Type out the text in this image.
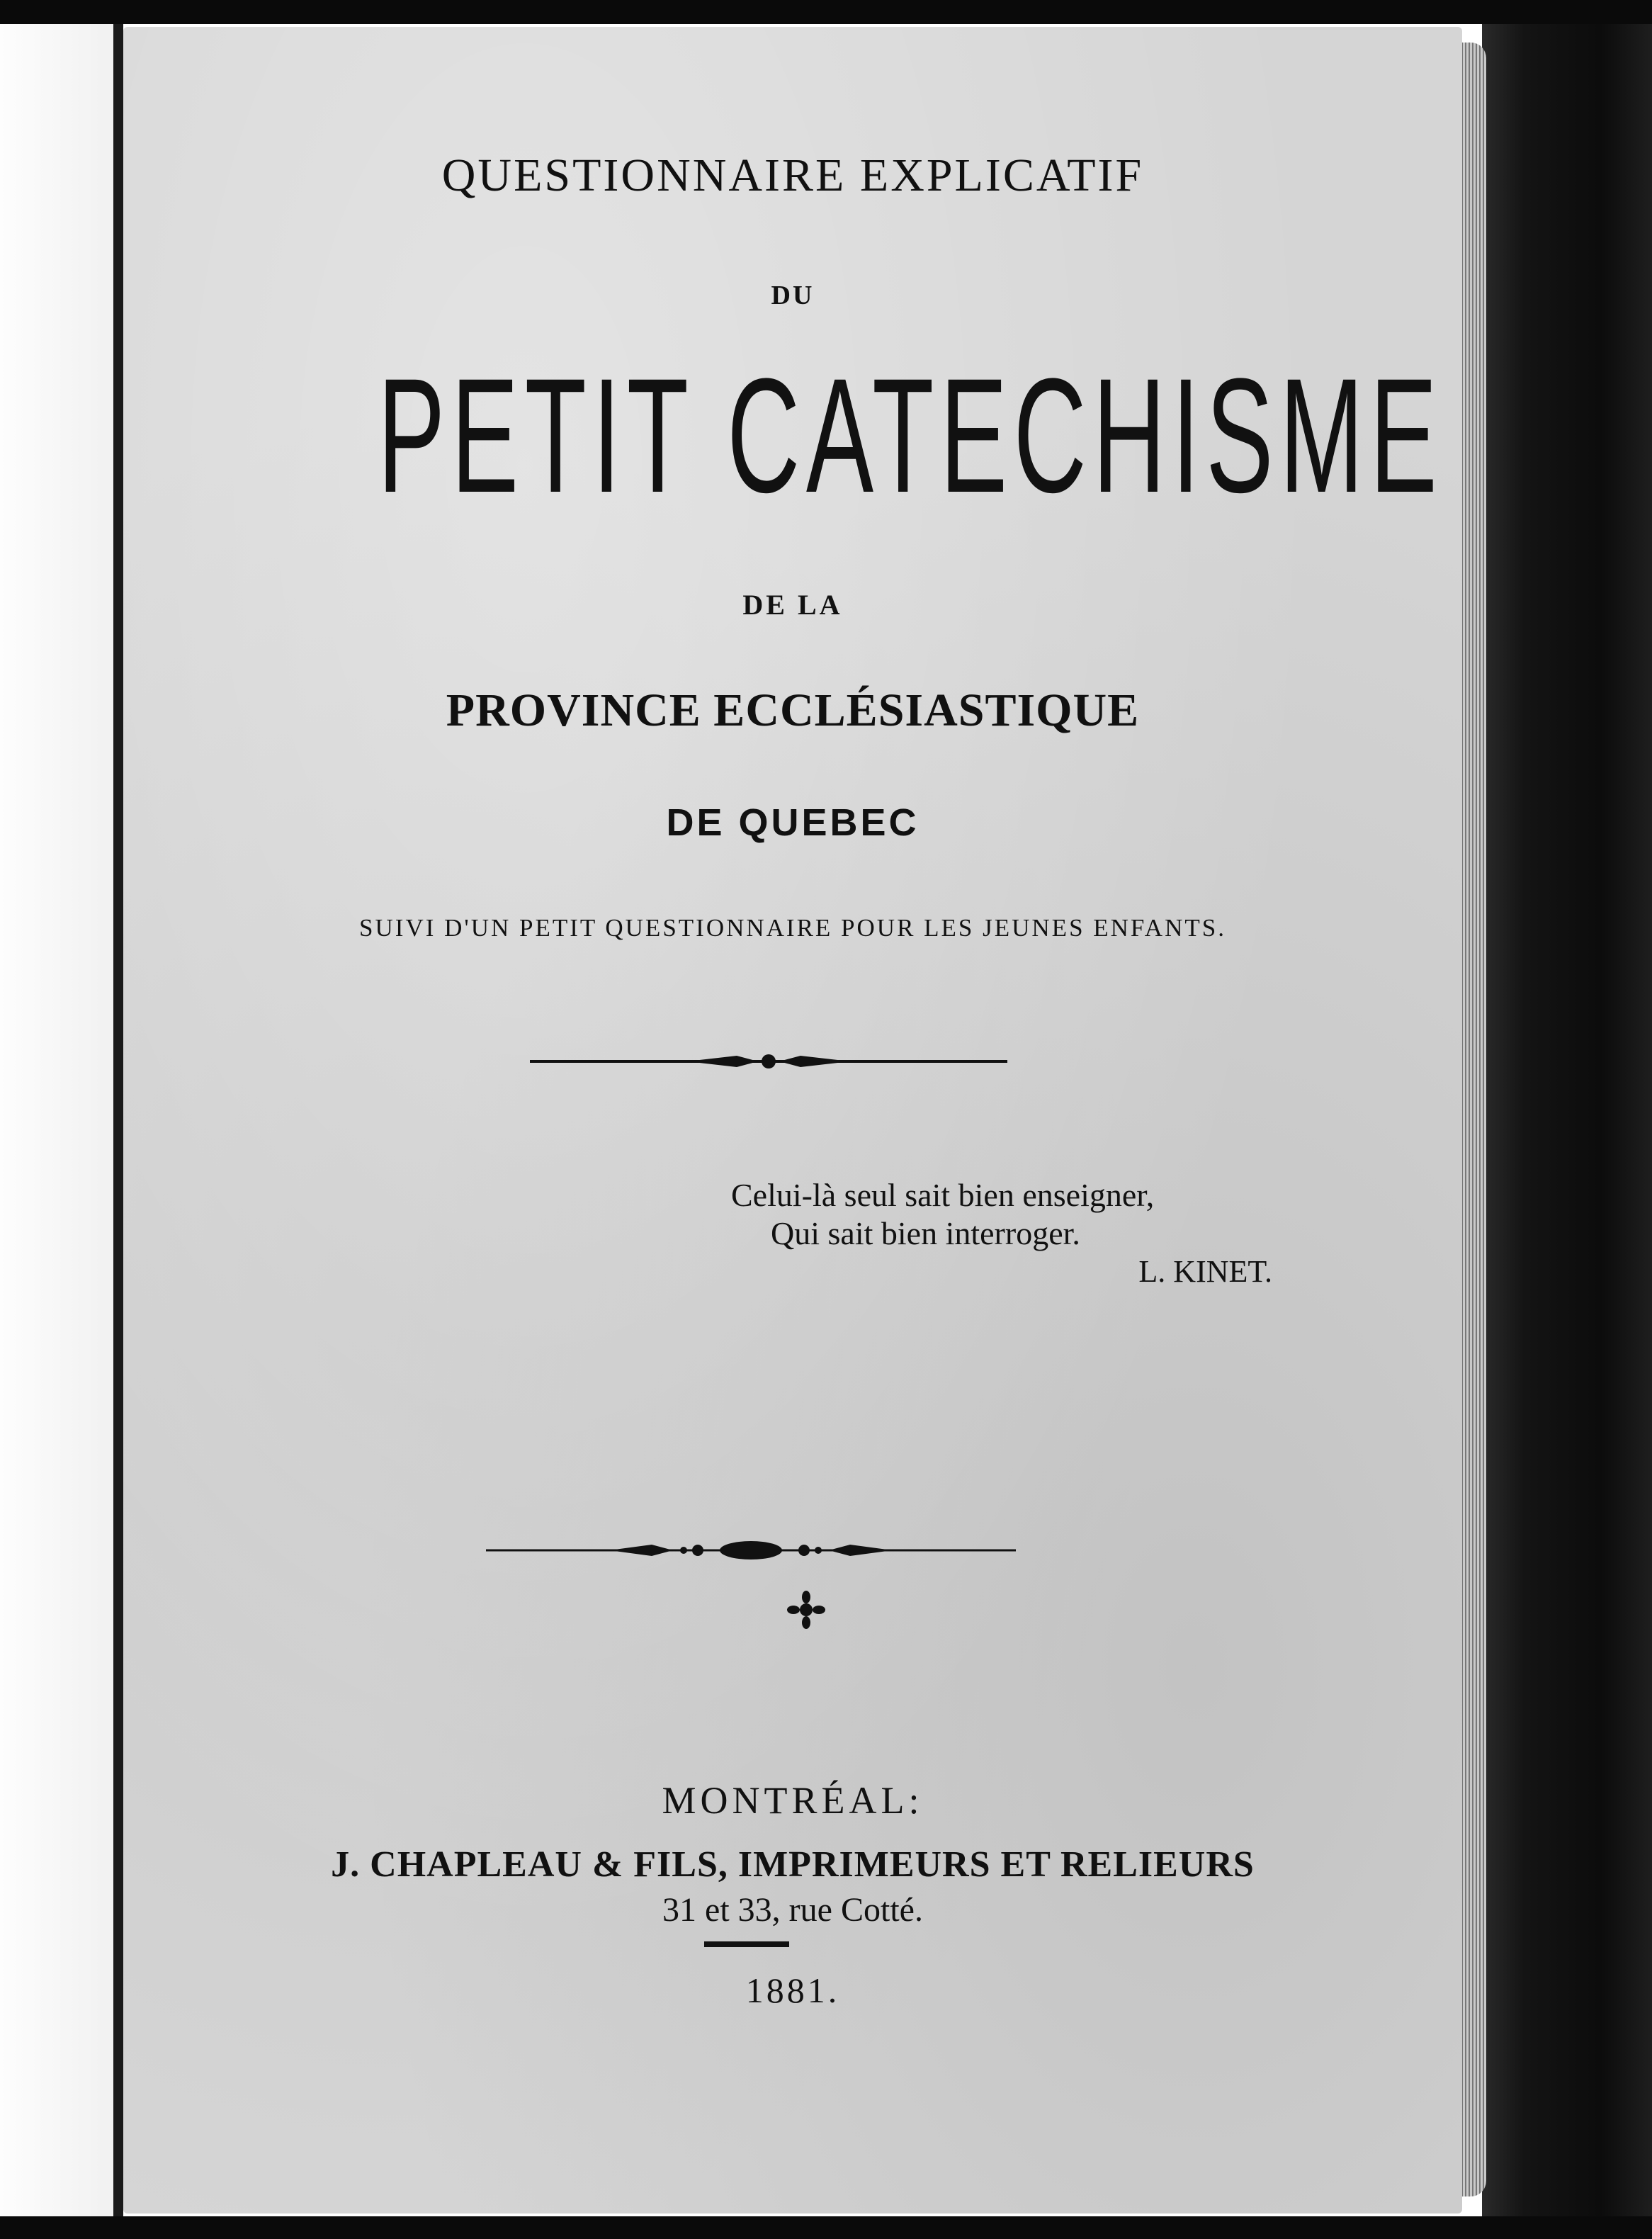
QUESTIONNAIRE EXPLICATIF
DU
PETIT CATECHISME
DE LA
PROVINCE ECCLÉSIASTIQUE
DE QUEBEC
SUIVI D'UN PETIT QUESTIONNAIRE POUR LES JEUNES ENFANTS.
Celui-là seul sait bien enseigner,
Qui sait bien interroger.
L. KINET.
MONTRÉAL:
J. CHAPLEAU & FILS, IMPRIMEURS ET RELIEURS
31 et 33, rue Cotté.
1881.
